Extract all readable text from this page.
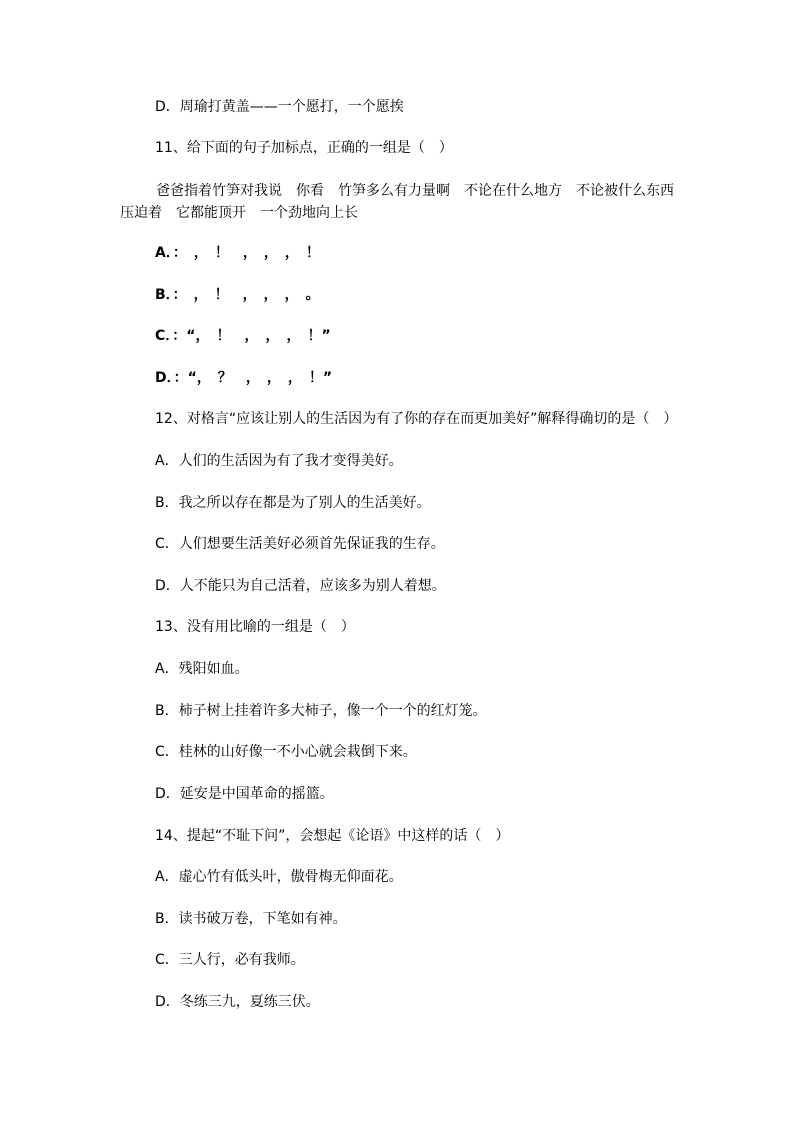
D．周瑜打黄盖——一个愿打，一个愿挨
11、给下面的句子加标点，正确的一组是（　）
爸爸指着竹笋对我说　你看　竹笋多么有力量啊　不论在什么地方　不论被什么东西压迫着　它都能顶开　一个劲地向上长
A．：　，　！　，　，　，　！
B．：　，　！　，　，　，　。
C．：“，　！　，　，　，　！”
D．：“，　？　，　，　，　！”
12、对格言“应该让别人的生活因为有了你的存在而更加美好”解释得确切的是（　）
A．人们的生活因为有了我才变得美好。
B．我之所以存在都是为了别人的生活美好。
C．人们想要生活美好必须首先保证我的生存。
D．人不能只为自己活着，应该多为别人着想。
13、没有用比喻的一组是（　）
A．残阳如血。
B．柿子树上挂着许多大柿子，像一个一个的红灯笼。
C．桂林的山好像一不小心就会栽倒下来。
D．延安是中国革命的摇篮。
14、提起“不耻下问”，会想起《论语》中这样的话（　）
A．虚心竹有低头叶，傲骨梅无仰面花。
B．读书破万卷，下笔如有神。
C．三人行，必有我师。
D．冬练三九，夏练三伏。
